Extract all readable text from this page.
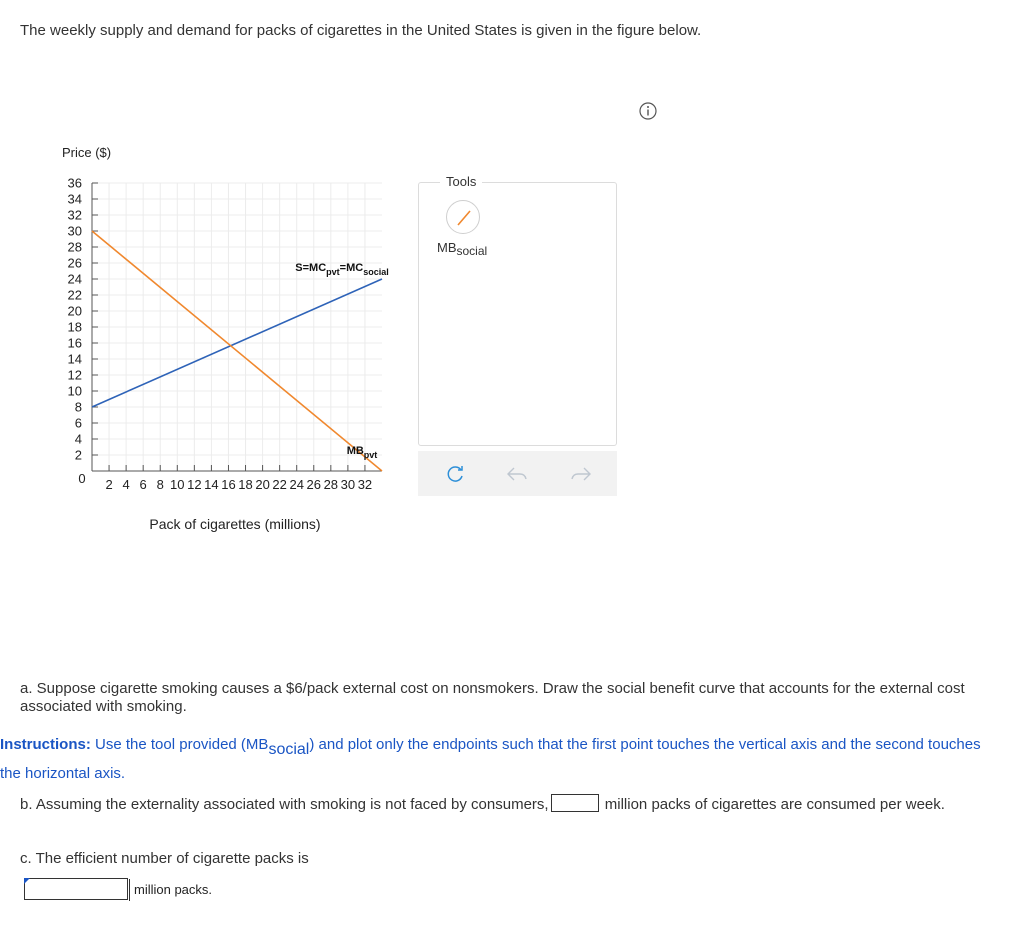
The weekly supply and demand for packs of cigarettes in the United States is given in the figure below.
Price ($)
2
4
6
8
10
12
14
16
18
20
22
24
26
28
30
32
34
36
2 4 6 8 10 12 14 16 18 20 22 24 26 28 30 32
$S=MC_{pvt}=MC_{social}$
$MB_{pvt}$
0
Pack of cigarettes (millions)
Tools
$MB_{social}$
a. Suppose cigarette smoking causes a $6/pack external cost on nonsmokers. Draw the social benefit curve that accounts for the external cost associated with smoking.
Instructions: Use the tool provided $(MB_{social})$ and plot only the endpoints such that the first point touches the vertical axis and the second touches the horizontal axis.
b. Assuming the externality associated with smoking is not faced by consumers,	million packs of cigarettes are consumed per week.
c. The efficient number of cigarette packs is
million packs.
